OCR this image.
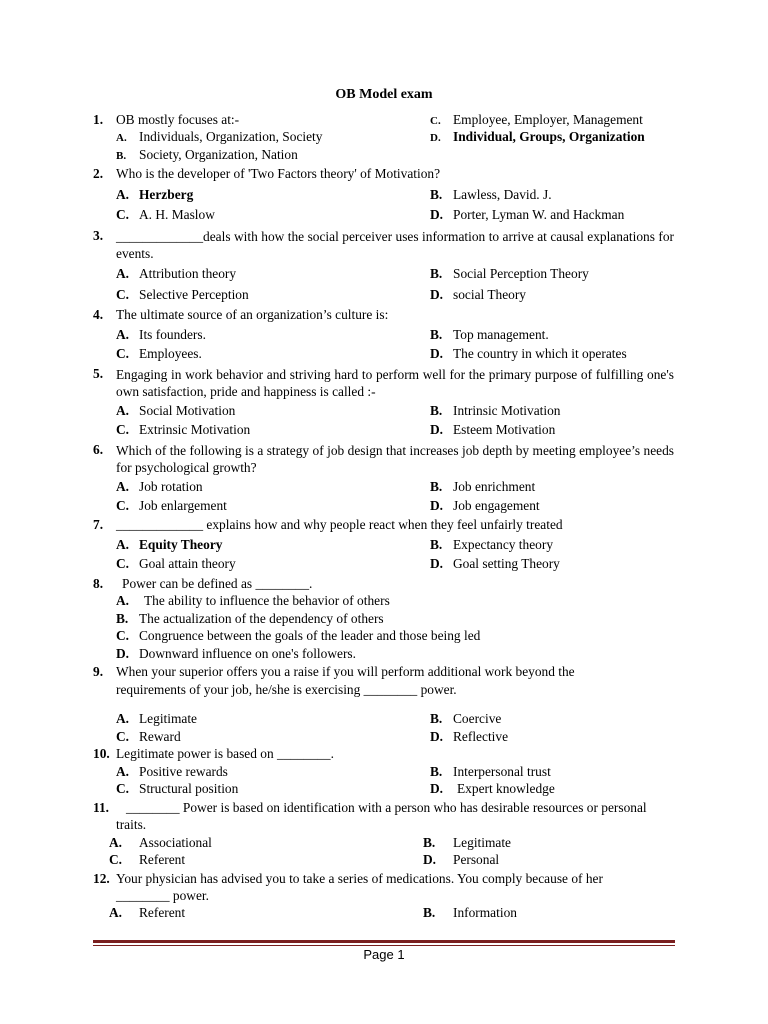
OB Model exam
1. OB mostly focuses at:-	C. Employee, Employer, Management
A. Individuals, Organization, Society	D. Individual, Groups, Organization
B. Society, Organization, Nation
2. Who is the developer of 'Two Factors theory' of Motivation?
A. Herzberg	B. Lawless, David. J.
C. A. H. Maslow	D. Porter, Lyman W. and Hackman
3. _____________deals with how the social perceiver uses information to arrive at causal explanations for events.
A. Attribution theory	B. Social Perception Theory
C. Selective Perception	D. social Theory
4. The ultimate source of an organization’s culture is:
A. Its founders.	B. Top management.
C. Employees.	D. The country in which it operates
5. Engaging in work behavior and striving hard to perform well for the primary purpose of fulfilling one's own satisfaction, pride and happiness is called :-
A. Social Motivation	B. Intrinsic Motivation
C. Extrinsic Motivation	D. Esteem Motivation
6. Which of the following is a strategy of job design that increases job depth by meeting employee’s needs for psychological growth?
A. Job rotation	B. Job enrichment
C. Job enlargement	D. Job engagement
7. _____________ explains how and why people react when they feel unfairly treated
A. Equity Theory	B. Expectancy theory
C. Goal attain theory	D. Goal setting Theory
8. Power can be defined as ________.
A. The ability to influence the behavior of others
B. The actualization of the dependency of others
C. Congruence between the goals of the leader and those being led
D. Downward influence on one's followers.
9. When your superior offers you a raise if you will perform additional work beyond the
requirements of your job, he/she is exercising ________ power.
A. Legitimate	B. Coercive
C. Reward	D. Reflective
10. Legitimate power is based on ________.
A. Positive rewards	B. Interpersonal trust
C. Structural position	D. Expert knowledge
11. ________ Power is based on identification with a person who has desirable resources or personal
traits.
A. Associational	B. Legitimate
C. Referent	D. Personal
12. Your physician has advised you to take a series of medications. You comply because of her
________ power.
A. Referent	B. Information
Page 1
